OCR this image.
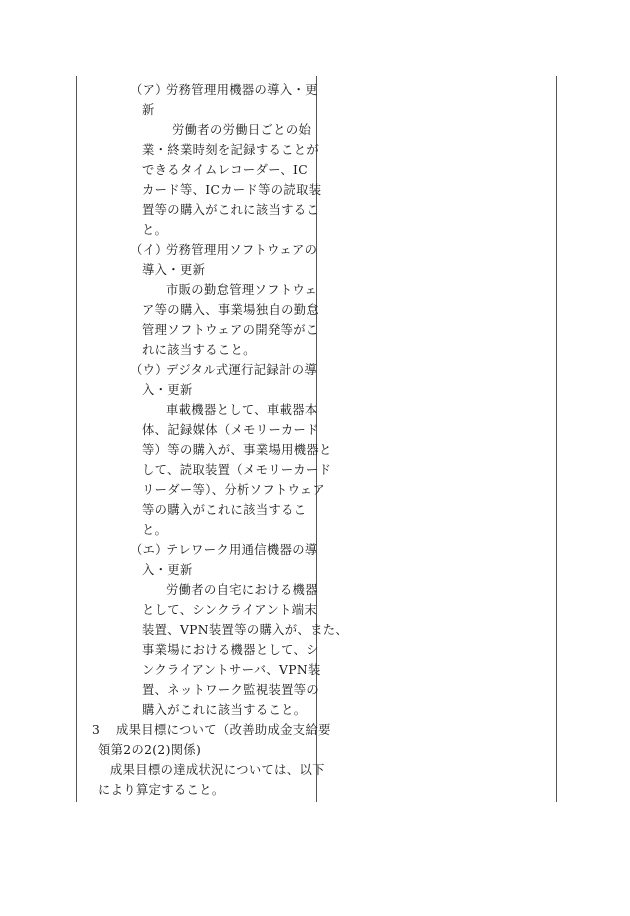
（ア）
労務管理用機器の導入・更
新
労働者の労働日ごとの始
業・終業時刻を記録することが
できるタイムレコーダー、IC
カード等、ICカード等の読取装
置等の購入がこれに該当するこ
と。
（イ）
労務管理用ソフトウェアの
導入・更新
市販の勤怠管理ソフトウェ
ア等の購入、事業場独自の勤怠
管理ソフトウェアの開発等がこ
れに該当すること。
（ウ）
デジタル式運行記録計の導
入・更新
車載機器として、車載器本
体、記録媒体（メモリーカード
等）等の購入が、事業場用機器と
して、読取装置（メモリーカード
リーダー等）、分析ソフトウェア
等の購入がこれに該当するこ
と。
（エ）
テレワーク用通信機器の導
入・更新
労働者の自宅における機器
として、シンクライアント端末
装置、VPN装置等の購入が、また、
事業場における機器として、シ
ンクライアントサーバ、VPN装
置、ネットワーク監視装置等の
購入がこれに該当すること。
3 成果目標について（改善助成金支給要
領第2の2(2)関係)
成果目標の達成状況については、以下
により算定すること。
